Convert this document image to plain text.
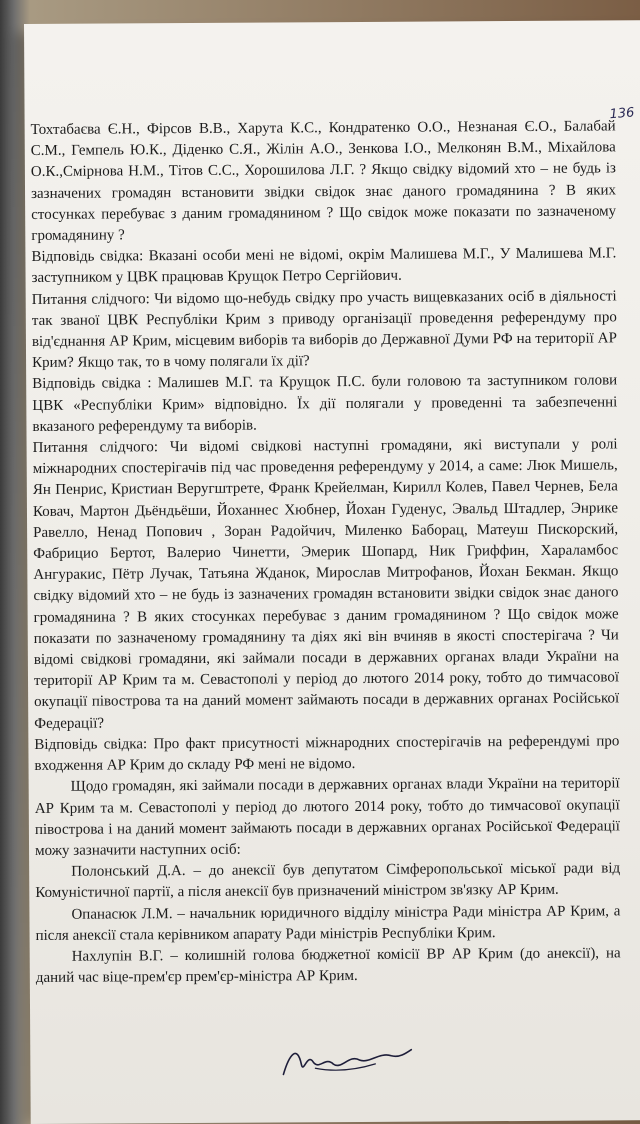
136

Тохтабаєва Є.Н., Фірсов В.В., Харута К.С., Кондратенко О.О., Незнаная Є.О., Балабай С.М., Гемпель Ю.К., Діденко С.Я., Жілін А.О., Зенкова І.О., Мелконян В.М., Міхайлова О.К.,Смірнова Н.М., Тітов С.С., Хорошилова Л.Г. ? Якщо свідку відомий хто – не будь із зазначених громадян встановити звідки свідок знає даного громадянина ? В яких стосунках перебуває з даним громадянином ? Що свідок може показати по зазначеному громадянину ?

Відповідь свідка: Вказані особи мені не відомі, окрім Малишева М.Г., У Малишева М.Г. заступником у ЦВК працював Крущок Петро Сергійович.

Питання слідчого: Чи відомо що-небудь свідку про участь вищевказаних осіб в діяльності так званої ЦВК Республіки Крим з приводу організації проведення референдуму про від'єднання АР Крим, місцевим виборів та виборів до Державної Думи РФ на території АР Крим? Якщо так, то в чому полягали їх дії?

Відповідь свідка : Малишев М.Г. та Крущок П.С. були головою та заступником голови ЦВК «Республіки Крим» відповідно. Їх дії полягали у проведенні та забезпеченні вказаного референдуму та виборів.

Питання слідчого: Чи відомі свідкові наступні громадяни, які виступали у ролі міжнародних спостерігачів під час проведення референдуму у 2014, а саме: Люк Мишель, Ян Пенрис, Кристиан Веругштрете, Франк Крейелман, Кирилл Колев, Павел Чернев, Бела Ковач, Мартон Дьёндьёши, Йоханнес Хюбнер, Йохан Гуденус, Эвальд Штадлер, Энрике Равелло, Ненад Попович , Зоран Радойчич, Миленко Баборац, Матеуш Пискорский, Фабрицио Бертот, Валерио Чинетти, Эмерик Шопард, Ник Гриффин, Хараламбос Ангуракис, Пётр Лучак, Татьяна Жданок, Мирослав Митрофанов, Йохан Бекман. Якщо свідку відомий хто – не будь із зазначених громадян встановити звідки свідок знає даного громадянина ? В яких стосунках перебуває з даним громадянином ? Що свідок може показати по зазначеному громадянину та діях які він вчиняв в якості спостерігача ? Чи відомі свідкові громадяни, які займали посади в державних органах влади України на території АР Крим та м. Севастополі у період до лютого 2014 року, тобто до тимчасової окупації півострова та на даний момент займають посади в державних органах Російської Федерації?

Відповідь свідка: Про факт присутності міжнародних спостерігачів на референдумі про входження АР Крим до складу РФ мені не відомо.

Щодо громадян, які займали посади в державних органах влади України на території АР Крим та м. Севастополі у період до лютого 2014 року, тобто до тимчасової окупації півострова і на даний момент займають посади в державних органах Російської Федерації можу зазначити наступних осіб:

Полонський Д.А. – до анексії був депутатом Сімферопольської міської ради від Комуністичної партії, а після анексії був призначений міністром зв'язку АР Крим.

Опанасюк Л.М. – начальник юридичного відділу міністра Ради міністра АР Крим, а після анексії стала керівником апарату Ради міністрів Республіки Крим.

Нахлупін В.Г. – колишній голова бюджетної комісії ВР АР Крим (до анексії), на даний час віце-прем'єр прем'єр-міністра АР Крим.
